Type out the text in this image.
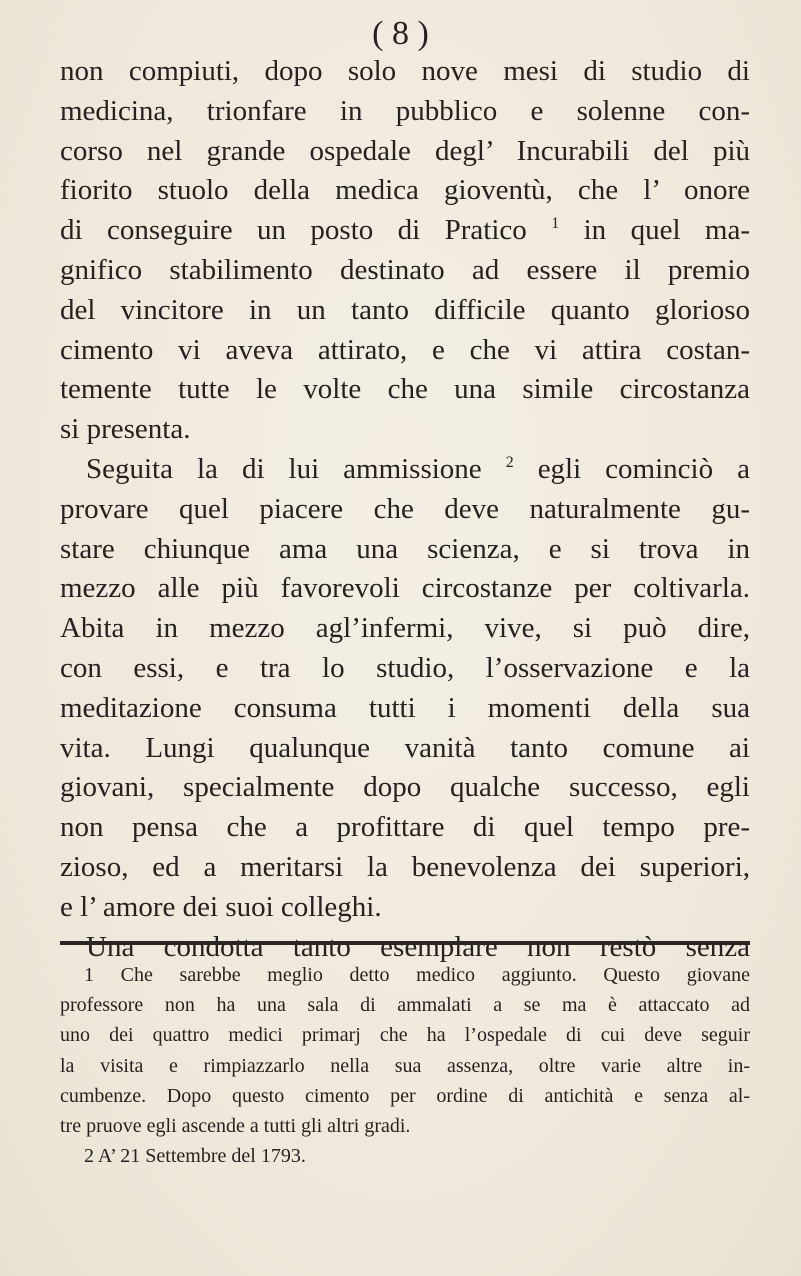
( 8 )
non compiuti, dopo solo nove mesi di studio di
medicina, trionfare in pubblico e solenne con-
corso nel grande ospedale degl’ Incurabili del più
fiorito stuolo della medica gioventù, che l’ onore
di conseguire un posto di Pratico $^1$ in quel ma-
gnifico stabilimento destinato ad essere il premio
del vincitore in un tanto difficile quanto glorioso
cimento vi aveva attirato, e che vi attira costan-
temente tutte le volte che una simile circostanza
si presenta.
Seguita la di lui ammissione $^2$ egli cominciò a
provare quel piacere che deve naturalmente gu-
stare chiunque ama una scienza, e si trova in
mezzo alle più favorevoli circostanze per coltivarla.
Abita in mezzo agl’infermi, vive, si può dire,
con essi, e tra lo studio, l’osservazione e la
meditazione consuma tutti i momenti della sua
vita. Lungi qualunque vanità tanto comune ai
giovani, specialmente dopo qualche successo, egli
non pensa che a profittare di quel tempo pre-
zioso, ed a meritarsi la benevolenza dei superiori,
e l’ amore dei suoi colleghi.
Una condotta tanto esemplare non restò senza
1 Che sarebbe meglio detto medico aggiunto. Questo giovane
professore non ha una sala di ammalati a se ma è attaccato ad
uno dei quattro medici primarj che ha l’ospedale di cui deve seguir
la visita e rimpiazzarlo nella sua assenza, oltre varie altre in-
cumbenze. Dopo questo cimento per ordine di antichità e senza al-
tre pruove egli ascende a tutti gli altri gradi.
2 A’ 21 Settembre del 1793.
